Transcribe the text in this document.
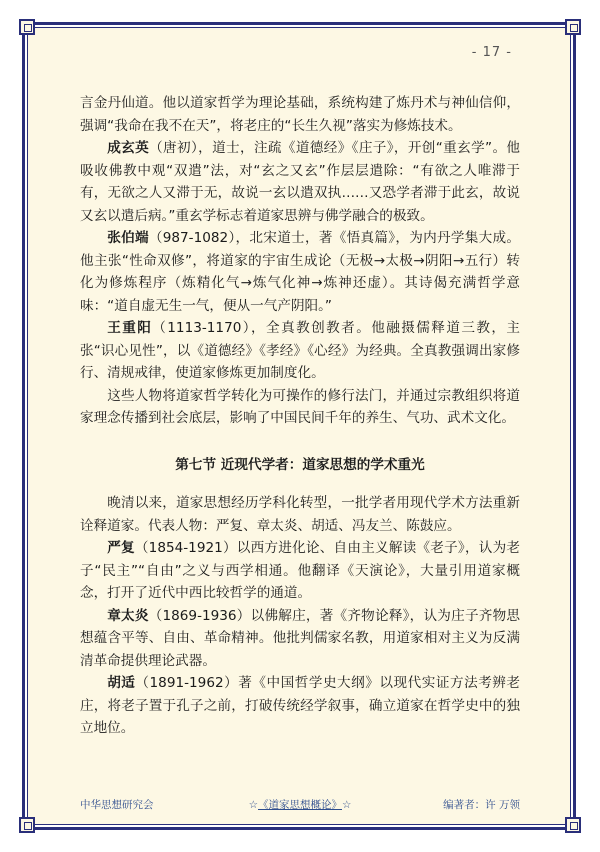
- 17 -

言金丹仙道。他以道家哲学为理论基础，系统构建了炼丹术与神仙信仰，强调“我命在我不在天”，将老庄的“长生久视”落实为修炼技术。

成玄英（唐初），道士，注疏《道德经》《庄子》，开创“重玄学”。他吸收佛教中观“双遣”法，对“玄之又玄”作层层遣除：“有欲之人唯滞于有，无欲之人又滞于无，故说一玄以遣双执……又恐学者滞于此玄，故说又玄以遣后病。”重玄学标志着道家思辨与佛学融合的极致。

张伯端（987-1082），北宋道士，著《悟真篇》，为内丹学集大成。他主张“性命双修”，将道家的宇宙生成论（无极→太极→阴阳→五行）转化为修炼程序（炼精化气→炼气化神→炼神还虚）。其诗偈充满哲学意味：“道自虚无生一气，便从一气产阴阳。”

王重阳（1113-1170），全真教创教者。他融摄儒释道三教，主张“识心见性”，以《道德经》《孝经》《心经》为经典。全真教强调出家修行、清规戒律，使道家修炼更加制度化。

这些人物将道家哲学转化为可操作的修行法门，并通过宗教组织将道家理念传播到社会底层，影响了中国民间千年的养生、气功、武术文化。

第七节 近现代学者：道家思想的学术重光

晚清以来，道家思想经历学科化转型，一批学者用现代学术方法重新诠释道家。代表人物：严复、章太炎、胡适、冯友兰、陈鼓应。

严复（1854-1921）以西方进化论、自由主义解读《老子》，认为老子“民主”“自由”之义与西学相通。他翻译《天演论》，大量引用道家概念，打开了近代中西比较哲学的通道。

章太炎（1869-1936）以佛解庄，著《齐物论释》，认为庄子齐物思想蕴含平等、自由、革命精神。他批判儒家名教，用道家相对主义为反满清革命提供理论武器。

胡适（1891-1962）著《中国哲学史大纲》以现代实证方法考辨老庄，将老子置于孔子之前，打破传统经学叙事，确立道家在哲学史中的独立地位。

中华思想研究会	☆《道家思想概论》☆	编著者：许 万领
